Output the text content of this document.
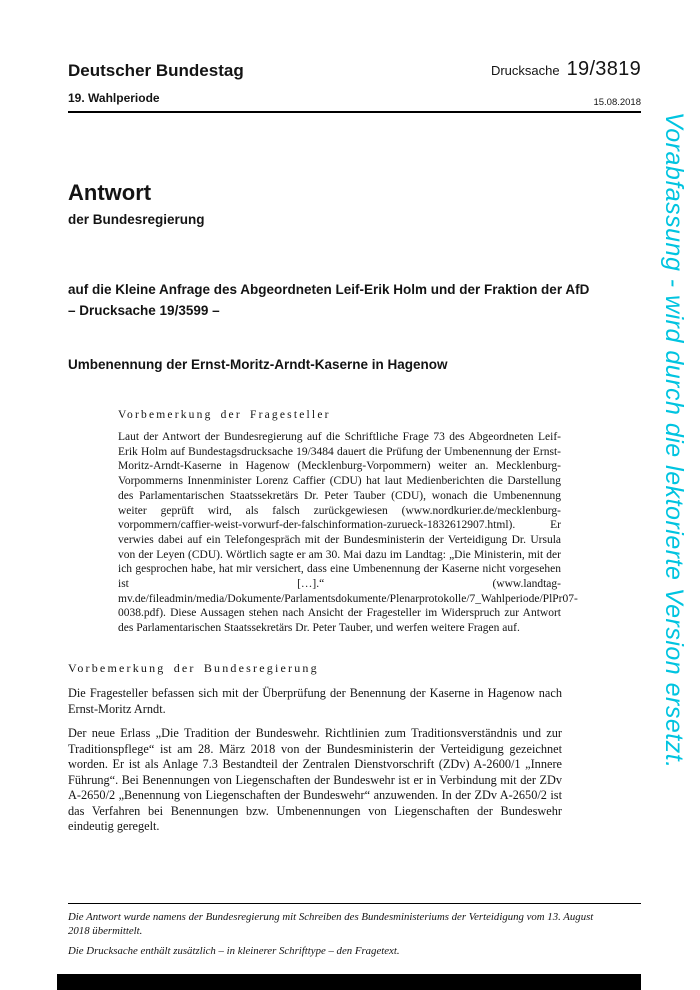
Deutscher Bundestag
19. Wahlperiode
Drucksache 19/3819
15.08.2018
Vorabfassung - wird durch die lektorierte Version ersetzt.
Antwort
der Bundesregierung
auf die Kleine Anfrage des Abgeordneten Leif-Erik Holm und der Fraktion der AfD
– Drucksache 19/3599 –
Umbenennung der Ernst-Moritz-Arndt-Kaserne in Hagenow
Vorbemerkung der Fragesteller

Laut der Antwort der Bundesregierung auf die Schriftliche Frage 73 des Abgeordneten Leif-Erik Holm auf Bundestagsdrucksache 19/3484 dauert die Prüfung der Umbenennung der Ernst-Moritz-Arndt-Kaserne in Hagenow (Mecklenburg-Vorpommern) weiter an. Mecklenburg-Vorpommerns Innenminister Lorenz Caffier (CDU) hat laut Medienberichten die Darstellung des Parlamentarischen Staatssekretärs Dr. Peter Tauber (CDU), wonach die Umbenennung weiter geprüft wird, als falsch zurückgewiesen (www.nordkurier.de/mecklenburg-vorpommern/caffier-weist-vorwurf-der-falschinformation-zurueck-1832612907.html). Er verwies dabei auf ein Telefongespräch mit der Bundesministerin der Verteidigung Dr. Ursula von der Leyen (CDU). Wörtlich sagte er am 30. Mai dazu im Landtag: „Die Ministerin, mit der ich gesprochen habe, hat mir versichert, dass eine Umbenennung der Kaserne nicht vorgesehen ist […].“ (www.landtag-mv.de/fileadmin/media/Dokumente/Parlamentsdokumente/Plenarprotokolle/7_Wahlperiode/PlPr07-0038.pdf). Diese Aussagen stehen nach Ansicht der Fragesteller im Widerspruch zur Antwort des Parlamentarischen Staatssekretärs Dr. Peter Tauber, und werfen weitere Fragen auf.

Vorbemerkung der Bundesregierung

Die Fragesteller befassen sich mit der Überprüfung der Benennung der Kaserne in Hagenow nach Ernst-Moritz Arndt.

Der neue Erlass „Die Tradition der Bundeswehr. Richtlinien zum Traditionsverständnis und zur Traditionspflege“ ist am 28. März 2018 von der Bundesministerin der Verteidigung gezeichnet worden. Er ist als Anlage 7.3 Bestandteil der Zentralen Dienstvorschrift (ZDv) A-2600/1 „Innere Führung“. Bei Benennungen von Liegenschaften der Bundeswehr ist er in Verbindung mit der ZDv A-2650/2 „Benennung von Liegenschaften der Bundeswehr“ anzuwenden. In der ZDv A-2650/2 ist das Verfahren bei Benennungen bzw. Umbenennungen von Liegenschaften der Bundeswehr eindeutig geregelt.

Die Antwort wurde namens der Bundesregierung mit Schreiben des Bundesministeriums der Verteidigung vom 13. August 2018 übermittelt.

Die Drucksache enthält zusätzlich – in kleinerer Schrifttype – den Fragetext.
